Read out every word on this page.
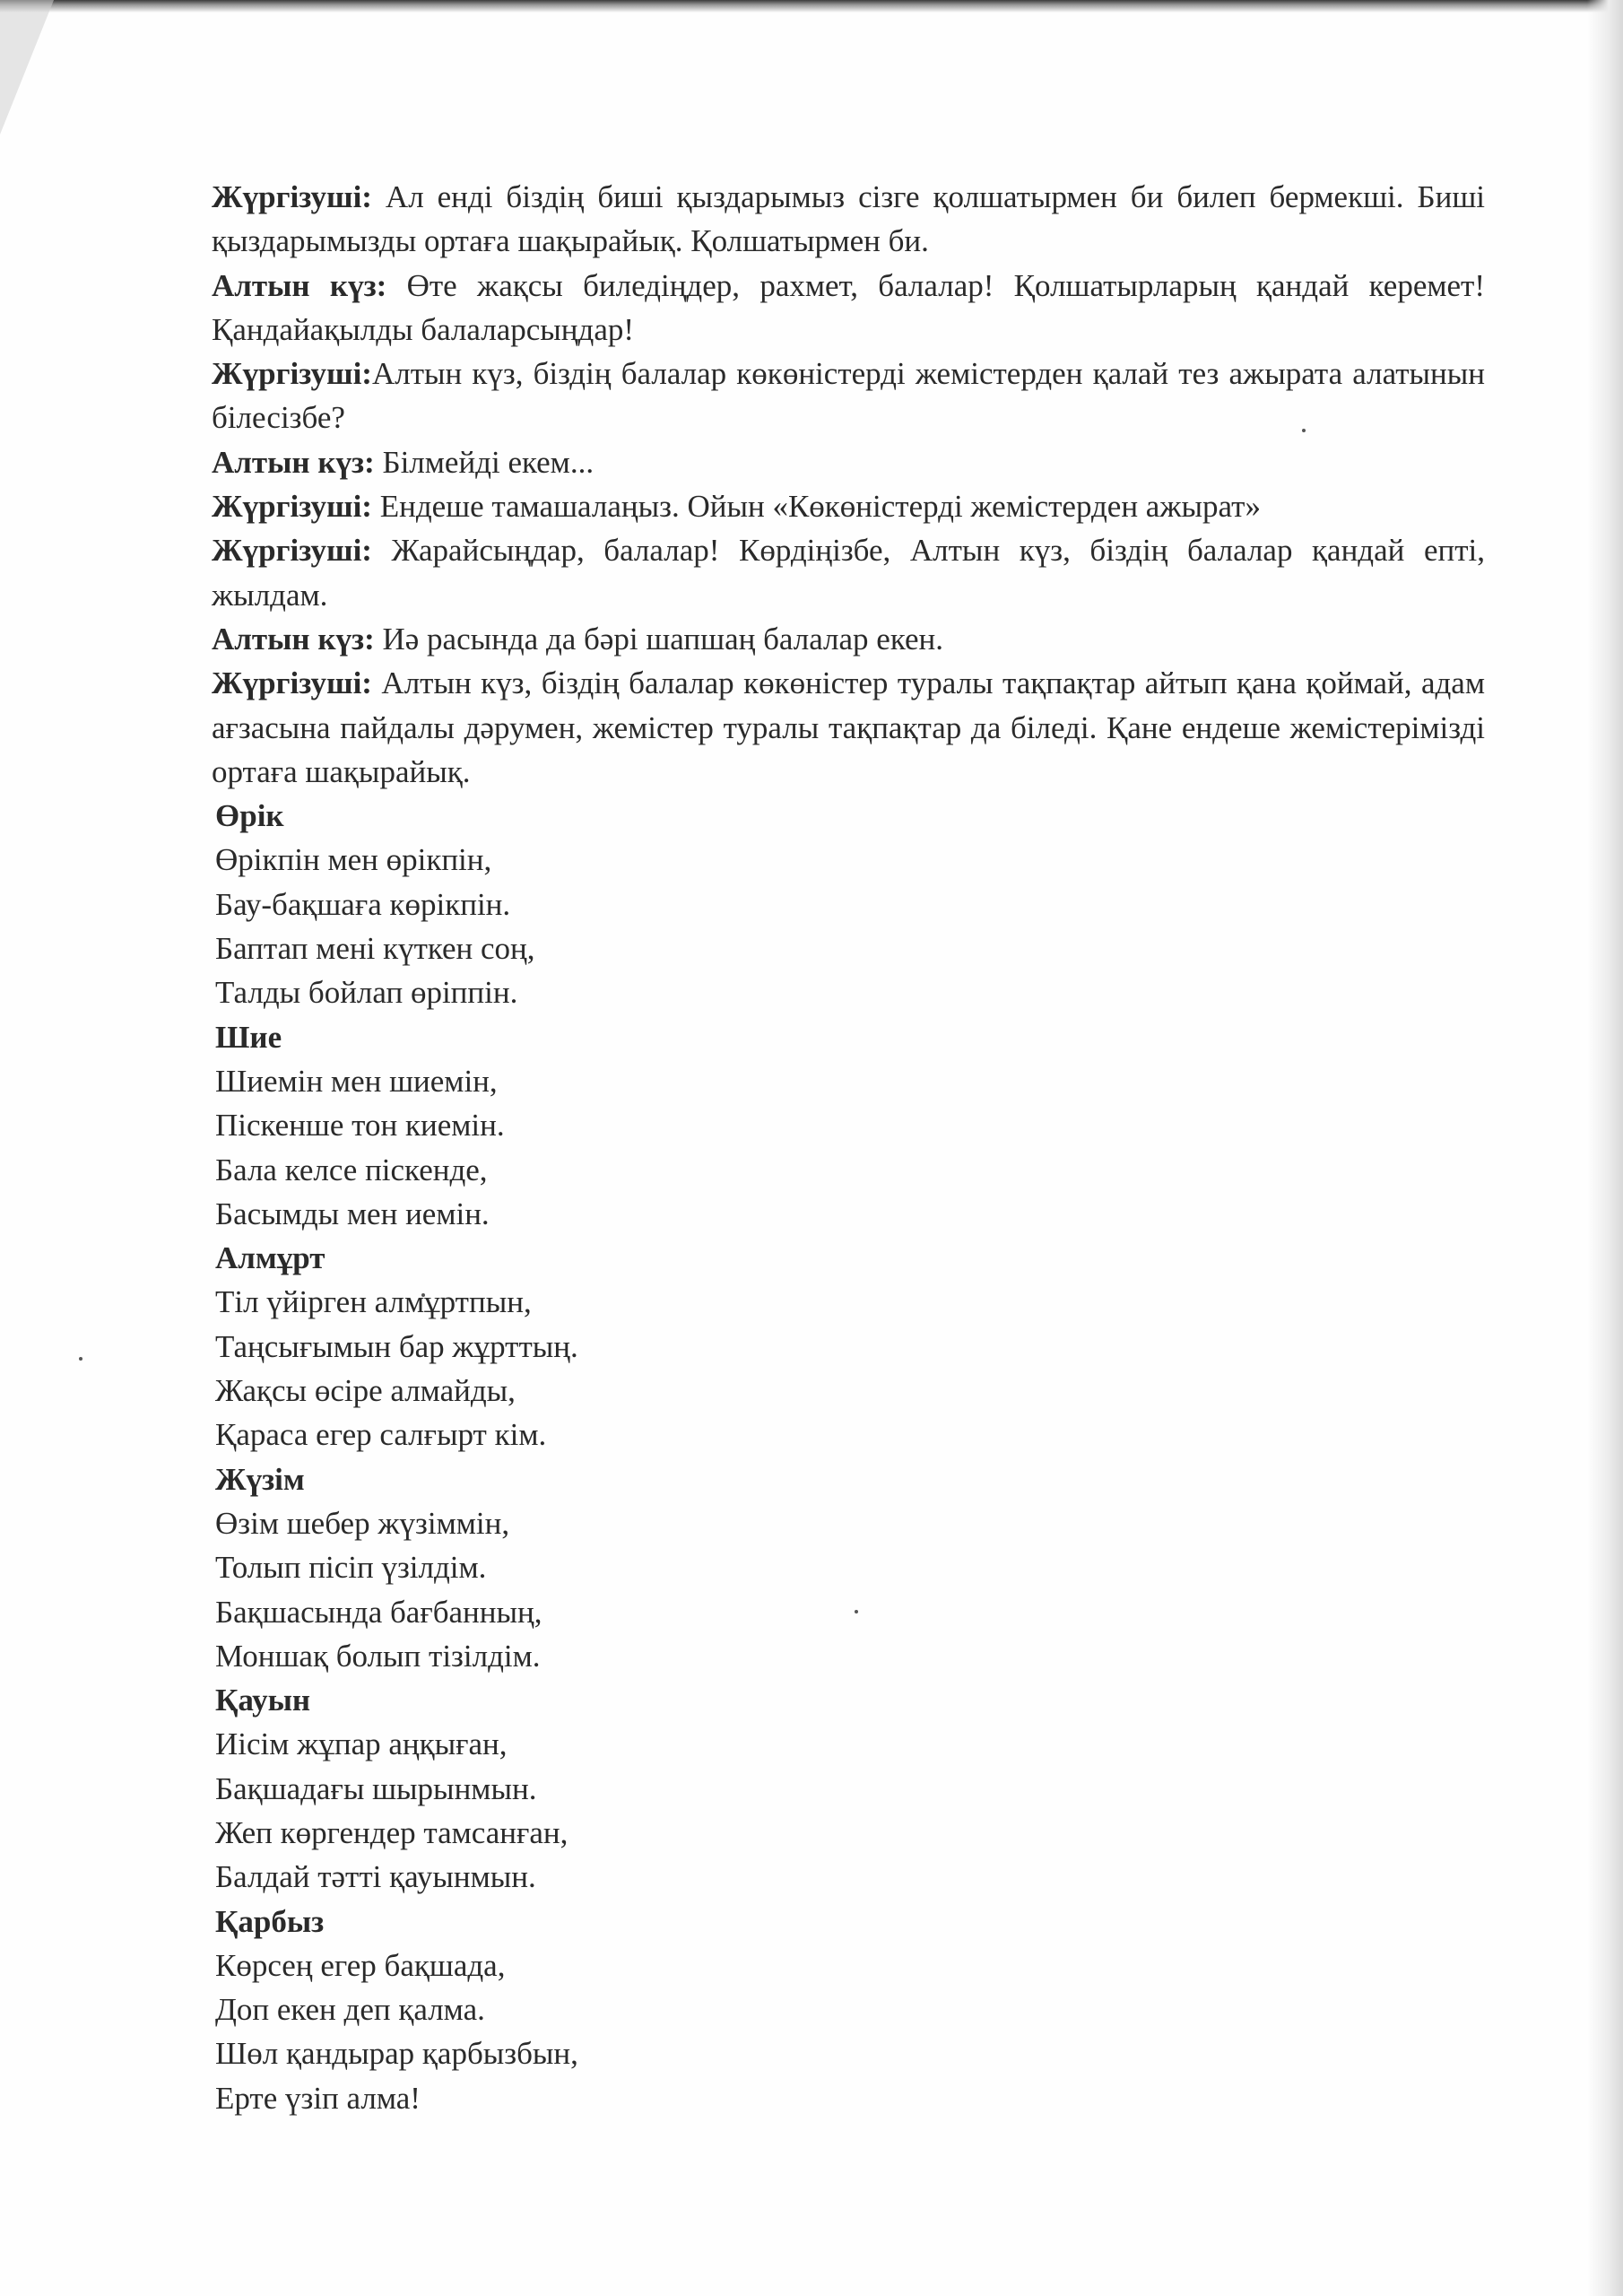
Жүргізуші: Ал енді біздің биші қыздарымыз сізге қолшатырмен би билеп бермекші. Биші қыздарымызды ортаға шақырайық. Қолшатырмен би.

Алтын күз: Өте жақсы биледіңдер, рахмет, балалар! Қолшатырларың қандай керемет! Қандайақылды балаларсыңдар!

Жүргізуші:Алтын күз, біздің балалар көкөністерді жемістерден қалай тез ажырата алатынын білесізбе?

Алтын күз: Білмейді екем...

Жүргізуші: Ендеше тамашалаңыз. Ойын «Көкөністерді жемістерден ажырат»

Жүргізуші: Жарайсыңдар, балалар! Көрдіңізбе, Алтын күз, біздің балалар қандай епті, жылдам.

Алтын күз: Иә расында да бәрі шапшаң балалар екен.

Жүргізуші: Алтын күз, біздің балалар көкөністер туралы тақпақтар айтып қана қоймай, адам ағзасына пайдалы дәрумен, жемістер туралы тақпақтар да біледі. Қане ендеше жемістерімізді ортаға шақырайық.

Өрік

Өрікпін мен өрікпін,
Бау-бақшаға көрікпін.
Баптап мені күткен соң,
Талды бойлап өріппін.

Шие

Шиемін мен шиемін,
Піскенше тон киемін.
Бала келсе піскенде,
Басымды мен иемін.

Алмұрт

Тіл үйірген алмұртпын,
Таңсығымын бар жұрттың.
Жақсы өсіре алмайды,
Қараса егер салғырт кім.

Жүзім

Өзім шебер жүзіммін,
Толып пісіп үзілдім.
Бақшасында бағбанның,
Моншақ болып тізілдім.

Қауын

Иісім жұпар аңқыған,
Бақшадағы шырынмын.
Жеп көргендер тамсанған,
Балдай тәтті қауынмын.

Қарбыз

Көрсең егер бақшада,
Доп екен деп қалма.
Шөл қандырар қарбызбын,
Ерте үзіп алма!
